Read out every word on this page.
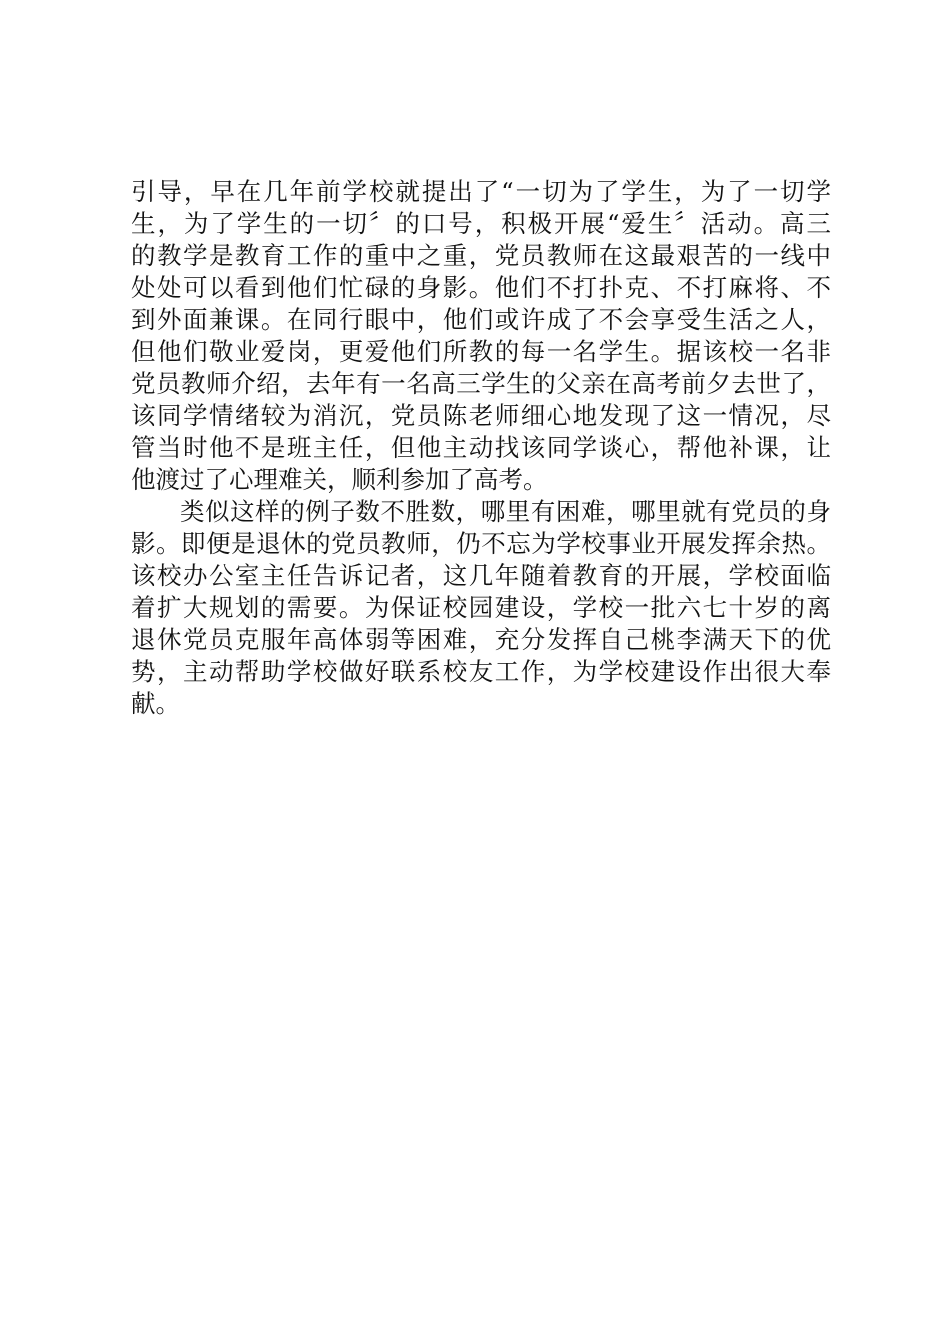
引导，早在几年前学校就提出了“一切为了学生，为了一切学
生，为了学生的一切〞的口号，积极开展“爱生〞活动。高三
的教学是教育工作的重中之重，党员教师在这最艰苦的一线中
处处可以看到他们忙碌的身影。他们不打扑克、不打麻将、不
到外面兼课。在同行眼中，他们或许成了不会享受生活之人，
但他们敬业爱岗，更爱他们所教的每一名学生。据该校一名非
党员教师介绍，去年有一名高三学生的父亲在高考前夕去世了，
该同学情绪较为消沉，党员陈老师细心地发现了这一情况，尽
管当时他不是班主任，但他主动找该同学谈心，帮他补课，让
他渡过了心理难关，顺利参加了高考。
类似这样的例子数不胜数，哪里有困难，哪里就有党员的身
影。即便是退休的党员教师，仍不忘为学校事业开展发挥余热。
该校办公室主任告诉记者，这几年随着教育的开展，学校面临
着扩大规划的需要。为保证校园建设，学校一批六七十岁的离
退休党员克服年高体弱等困难，充分发挥自己桃李满天下的优
势，主动帮助学校做好联系校友工作，为学校建设作出很大奉
献。
